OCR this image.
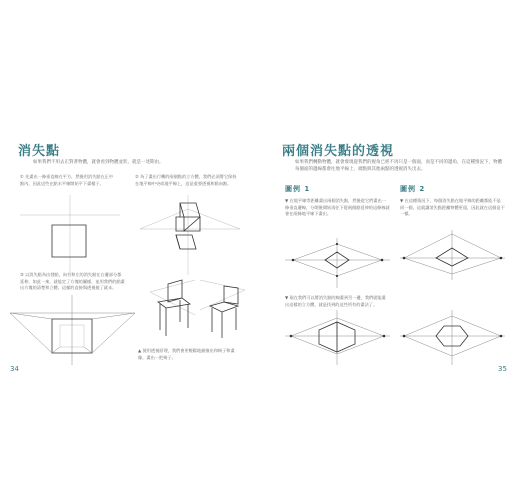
消失點
如果我們不用去正對著物體，就會看到物體並狀，就是一述期由。
① 先畫出一條垂直線在平方，然後用消失點在正中點內，因此這些在點水平線開始平下畫樣子。
② 為了畫出行轉的兩個點的立方體，我們必須將它保持在地平線中央或地平線上，這是重要透視和點向點。
③ 以消失點為出發點，向右和左的消失點在右邊部分都延伸，如此一來，就能定了方塊的圖樣，並用我們的點畫出方塊的清楚和立體。這樣的直接與透視使了就未。
▲ 使用透視原理，我們會更輕鬆地描繪出和椅子和畫像，畫出一把椅子。
34
兩個消失點的透視
如果我們轉動物體，就會發現從我們的視角已經不再只是一個面，而是不同的邊角，在這種情況下，物體每個面的邊線都會往地平線上，端點與其他兩點的透視消失出去。
圖例 1	圖例 2
▼ 在地平線等距離畫出兩個消失點，然後從它們畫出一條垂直邊線，分開後開始再往下從兩個點延伸的這條線就會在兩條地平線下畫出。
▼ 在這種情況下，每個消失點在地平線的距離都能不是同一個，這就讓消失點距離物體更遠，因此就在這個是不一樣。
▼ 現在我們可以將消失點的線畫到另一邊，我們就能畫出這樣的立方體，就是找到的這些所有的畫法了。
35
